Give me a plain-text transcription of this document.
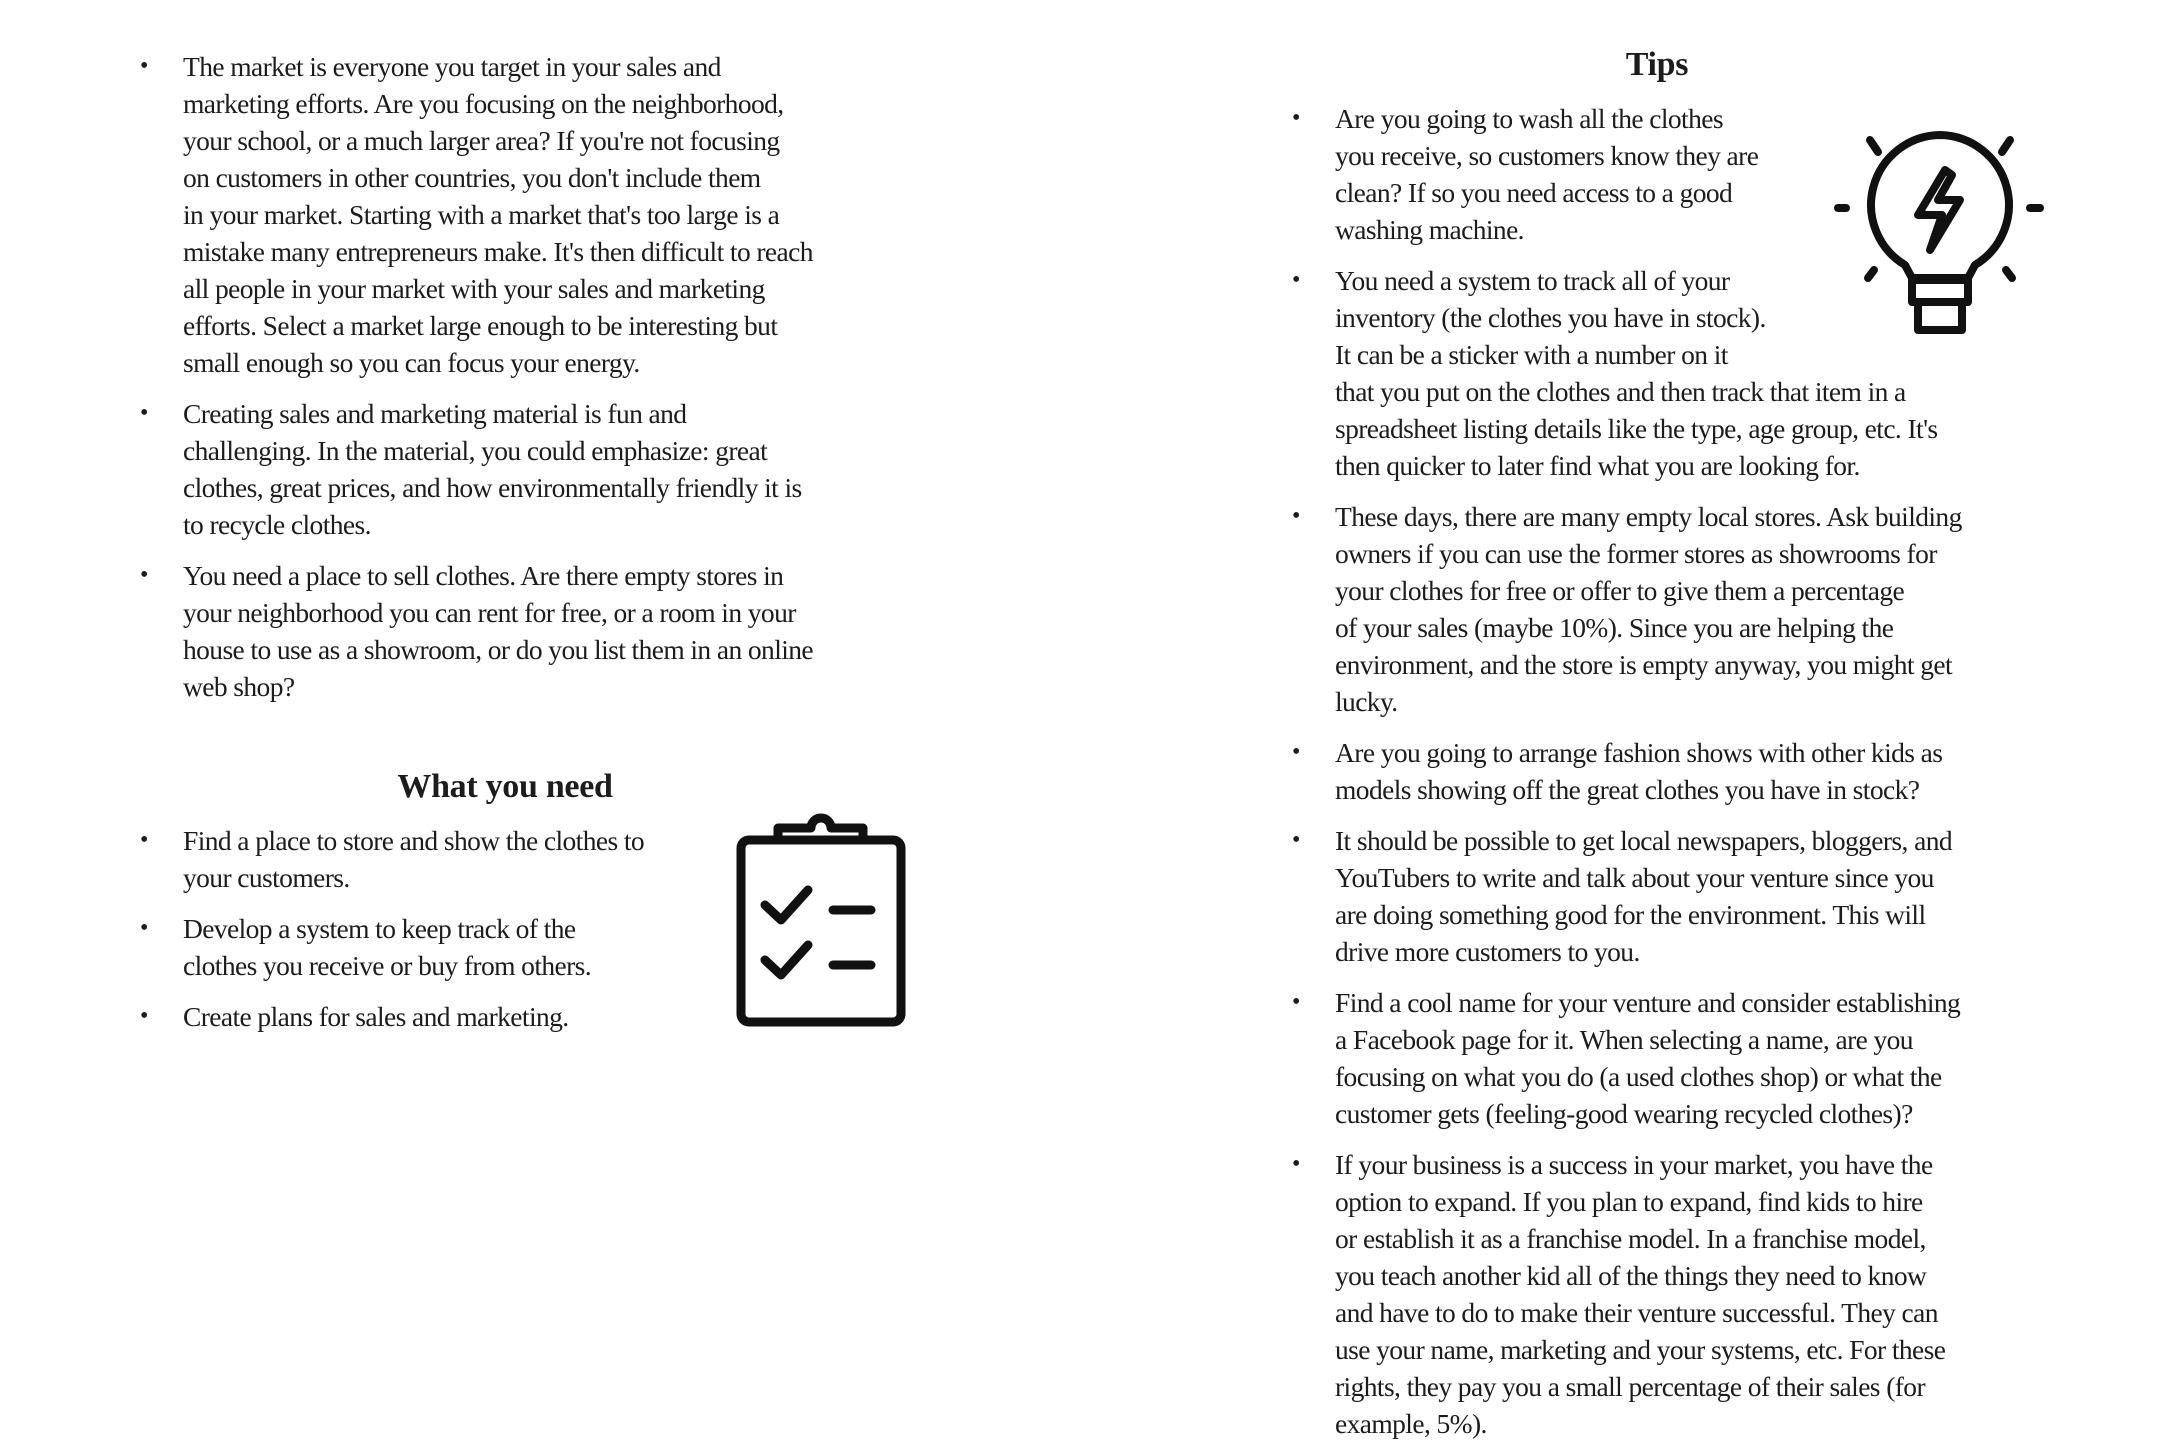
• The market is everyone you target in your sales and
marketing efforts. Are you focusing on the neighborhood,
your school, or a much larger area? If you're not focusing
on customers in other countries, you don't include them
in your market. Starting with a market that's too large is a
mistake many entrepreneurs make. It's then difficult to reach
all people in your market with your sales and marketing
efforts. Select a market large enough to be interesting but
small enough so you can focus your energy.
• Creating sales and marketing material is fun and
challenging. In the material, you could emphasize: great
clothes, great prices, and how environmentally friendly it is
to recycle clothes.
• You need a place to sell clothes. Are there empty stores in
your neighborhood you can rent for free, or a room in your
house to use as a showroom, or do you list them in an online
web shop?
What you need
• Find a place to store and show the clothes to
your customers.
• Develop a system to keep track of the
clothes you receive or buy from others.
• Create plans for sales and marketing.
Tips
• Are you going to wash all the clothes
you receive, so customers know they are
clean? If so you need access to a good
washing machine.
• You need a system to track all of your
inventory (the clothes you have in stock).
It can be a sticker with a number on it
that you put on the clothes and then track that item in a
spreadsheet listing details like the type, age group, etc. It's
then quicker to later find what you are looking for.
• These days, there are many empty local stores. Ask building
owners if you can use the former stores as showrooms for
your clothes for free or offer to give them a percentage
of your sales (maybe 10%). Since you are helping the
environment, and the store is empty anyway, you might get
lucky.
• Are you going to arrange fashion shows with other kids as
models showing off the great clothes you have in stock?
• It should be possible to get local newspapers, bloggers, and
YouTubers to write and talk about your venture since you
are doing something good for the environment. This will
drive more customers to you.
• Find a cool name for your venture and consider establishing
a Facebook page for it. When selecting a name, are you
focusing on what you do (a used clothes shop) or what the
customer gets (feeling-good wearing recycled clothes)?
• If your business is a success in your market, you have the
option to expand. If you plan to expand, find kids to hire
or establish it as a franchise model. In a franchise model,
you teach another kid all of the things they need to know
and have to do to make their venture successful. They can
use your name, marketing and your systems, etc. For these
rights, they pay you a small percentage of their sales (for
example, 5%).
